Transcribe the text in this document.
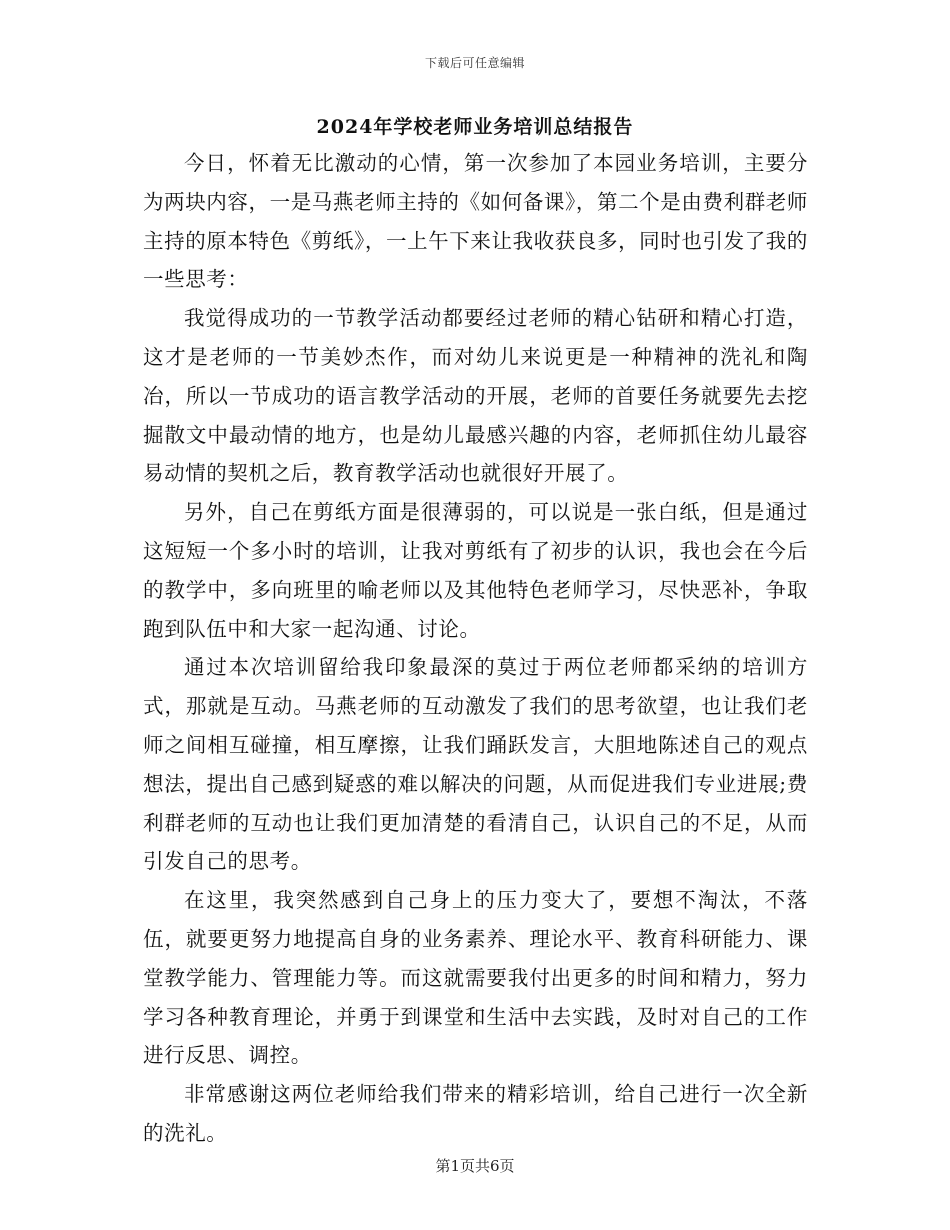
下载后可任意编辑
2024年学校老师业务培训总结报告

今日，怀着无比激动的心情，第一次参加了本园业务培训，主要分为两块内容，一是马燕老师主持的《如何备课》，第二个是由费利群老师主持的原本特色《剪纸》，一上午下来让我收获良多，同时也引发了我的一些思考：

我觉得成功的一节教学活动都要经过老师的精心钻研和精心打造，这才是老师的一节美妙杰作，而对幼儿来说更是一种精神的洗礼和陶冶，所以一节成功的语言教学活动的开展，老师的首要任务就要先去挖掘散文中最动情的地方，也是幼儿最感兴趣的内容，老师抓住幼儿最容易动情的契机之后，教育教学活动也就很好开展了。

另外，自己在剪纸方面是很薄弱的，可以说是一张白纸，但是通过这短短一个多小时的培训，让我对剪纸有了初步的认识，我也会在今后的教学中，多向班里的喻老师以及其他特色老师学习，尽快恶补，争取跑到队伍中和大家一起沟通、讨论。

通过本次培训留给我印象最深的莫过于两位老师都采纳的培训方式，那就是互动。马燕老师的互动激发了我们的思考欲望，也让我们老师之间相互碰撞，相互摩擦，让我们踊跃发言，大胆地陈述自己的观点想法，提出自己感到疑惑的难以解决的问题，从而促进我们专业进展;费利群老师的互动也让我们更加清楚的看清自己，认识自己的不足，从而引发自己的思考。

在这里，我突然感到自己身上的压力变大了，要想不淘汰，不落伍，就要更努力地提高自身的业务素养、理论水平、教育科研能力、课堂教学能力、管理能力等。而这就需要我付出更多的时间和精力，努力学习各种教育理论，并勇于到课堂和生活中去实践，及时对自己的工作进行反思、调控。

非常感谢这两位老师给我们带来的精彩培训，给自己进行一次全新的洗礼。

第1页共6页
